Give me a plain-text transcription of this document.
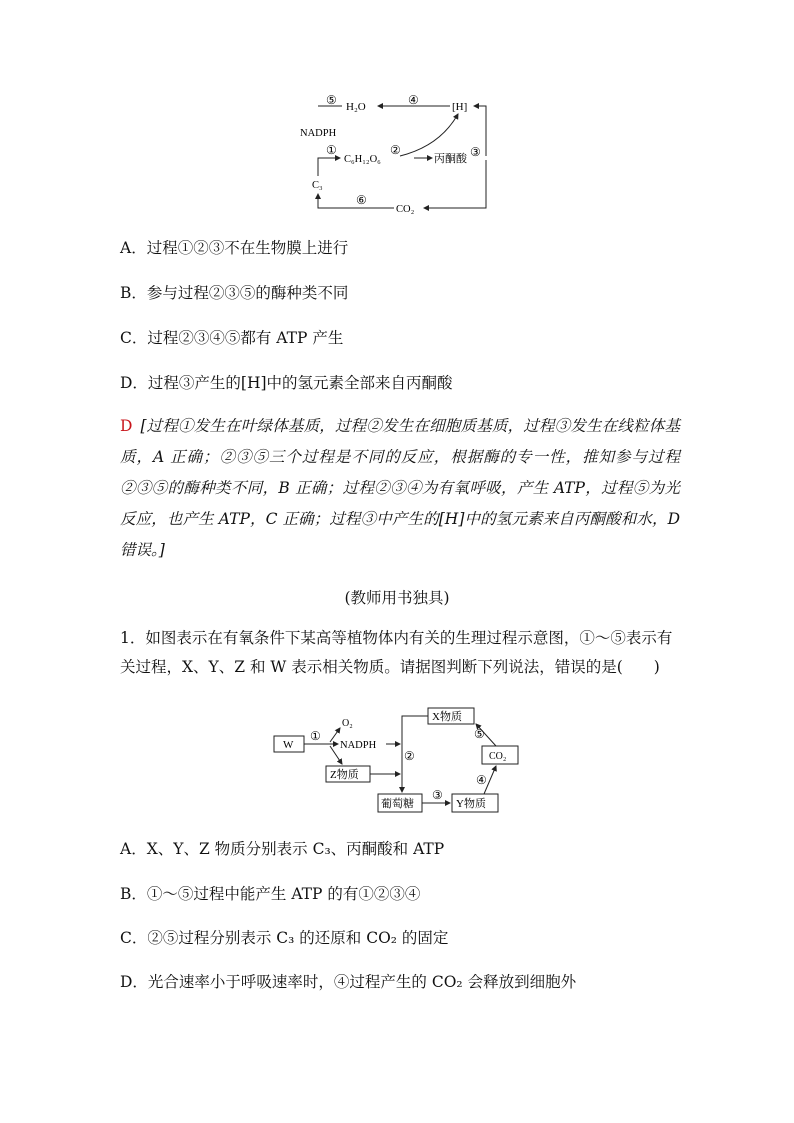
⑤ H₂O	④	[H]
NADPH
①
C₆H₁₂O₆
②
丙酮酸 ③
C₃
⑥
CO₂
A．过程①②③不在生物膜上进行
B．参与过程②③⑤的酶种类不同
C．过程②③④⑤都有 ATP 产生
D．过程③产生的[H]中的氢元素全部来自丙酮酸
D [过程①发生在叶绿体基质，过程②发生在细胞质基质，过程③发生在线粒体基质，A 正确；②③⑤三个过程是不同的反应，根据酶的专一性，推知参与过程②③⑤的酶种类不同，B 正确；过程②③④为有氧呼吸，产生 ATP，过程⑤为光反应，也产生 ATP，C 正确；过程③中产生的[H]中的氢元素来自丙酮酸和水，D 错误。]
(教师用书独具)
1．如图表示在有氧条件下某高等植物体内有关的生理过程示意图，①～⑤表示有关过程，X、Y、Z 和 W 表示相关物质。请据图判断下列说法，错误的是(　　)
W
①
O₂
NADPH
Z物质
X物质
②	CO₂
⑤
葡萄糖
③
Y物质
④
A．X、Y、Z 物质分别表示 C₃、丙酮酸和 ATP
B．①～⑤过程中能产生 ATP 的有①②③④
C．②⑤过程分别表示 C₃ 的还原和 CO₂ 的固定
D．光合速率小于呼吸速率时，④过程产生的 CO₂ 会释放到细胞外
